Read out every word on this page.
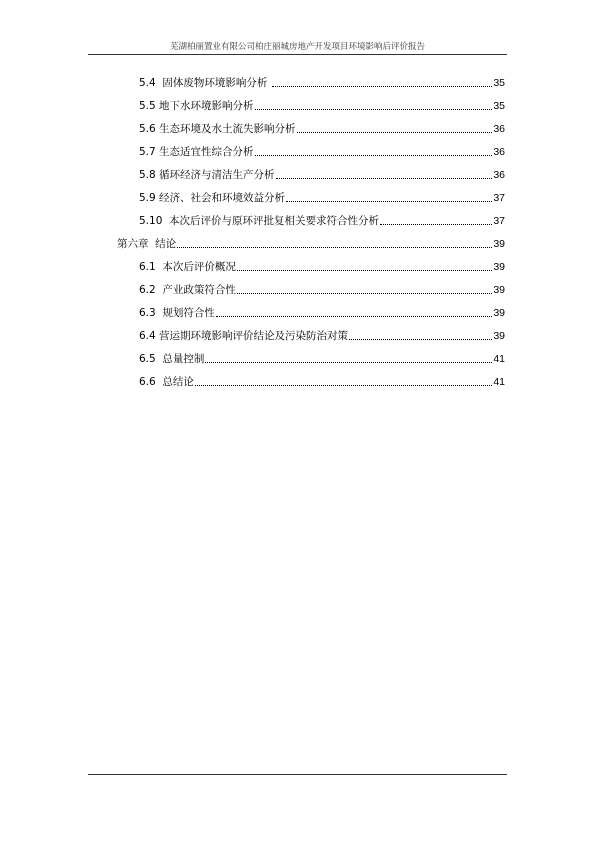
芜湖柏丽置业有限公司柏庄丽城房地产开发项目环境影响后评价报告
5.4  固体废物环境影响分析	35
5.5 地下水环境影响分析	35
5.6 生态环境及水土流失影响分析	36
5.7 生态适宜性综合分析	36
5.8 循环经济与清洁生产分析	36
5.9 经济、社会和环境效益分析	37
5.10  本次后评价与原环评批复相关要求符合性分析	37
第六章  结论	39
6.1  本次后评价概况	39
6.2  产业政策符合性	39
6.3  规划符合性	39
6.4 营运期环境影响评价结论及污染防治对策	39
6.5  总量控制	41
6.6  总结论	41
